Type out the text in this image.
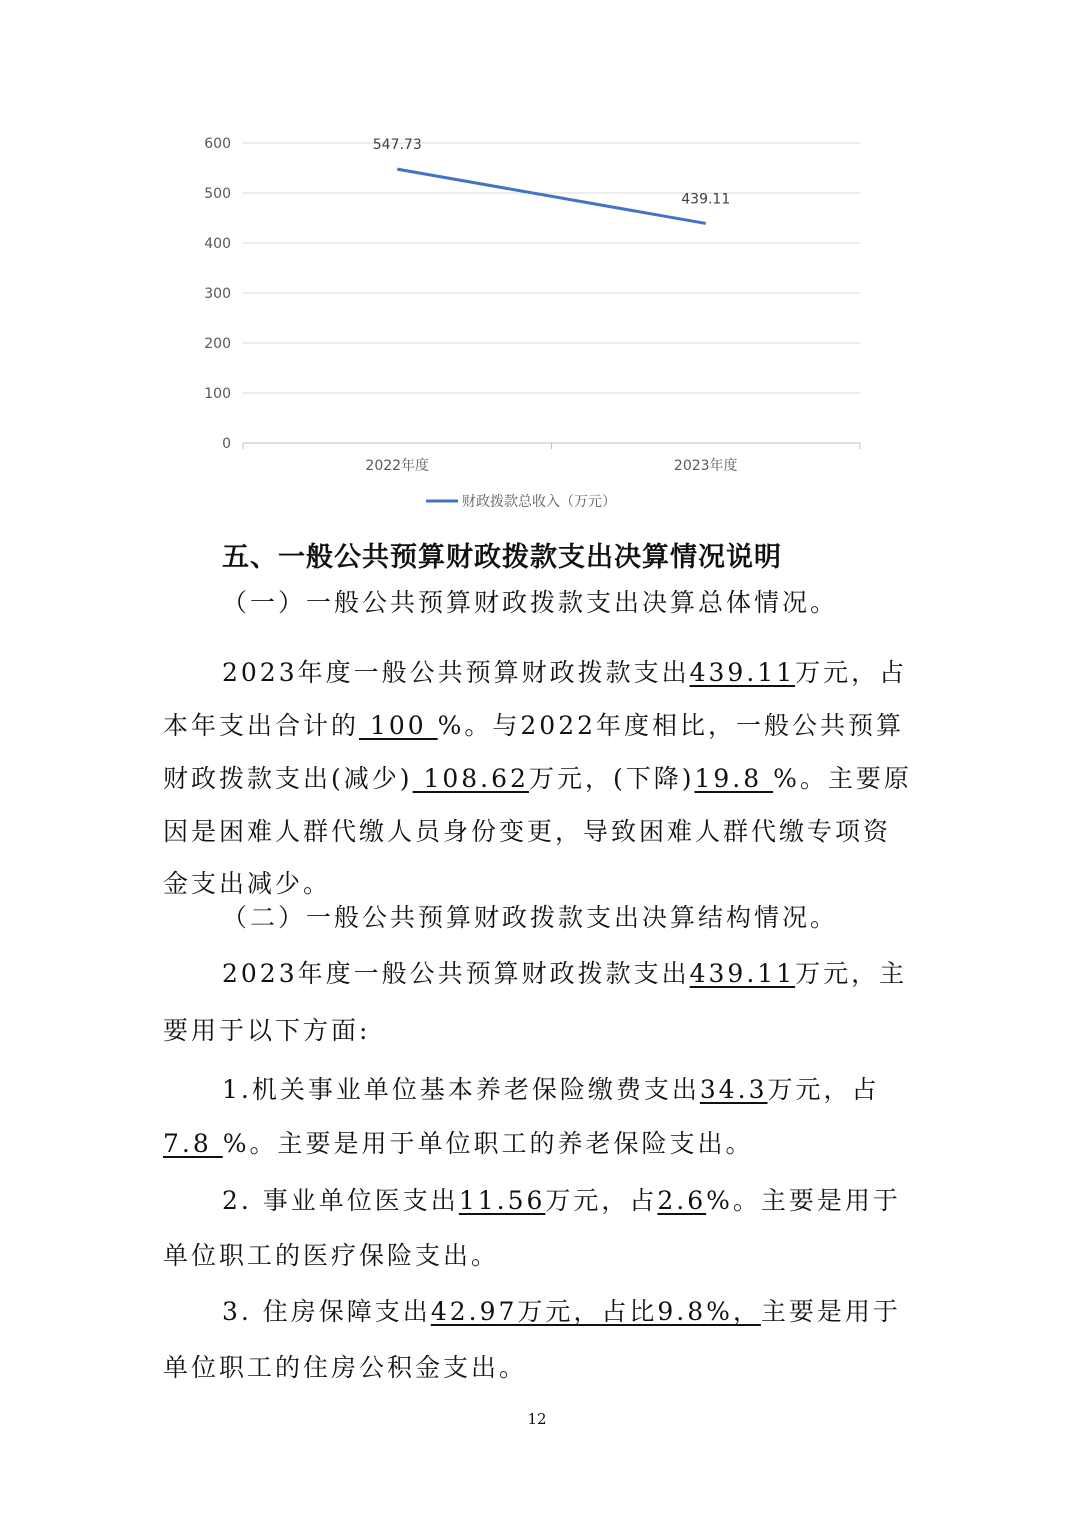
0
100
200
300
400
500
600
2022年度	2023年度
547.73
439.11
财政拨款总收入（万元）
五、一般公共预算财政拨款支出决算情况说明
（一）一般公共预算财政拨款支出决算总体情况。
2023年度一般公共预算财政拨款支出439.11万元，占
本年支出合计的 100 %。与2022年度相比，一般公共预算
财政拨款支出(减少) 108.62万元，(下降)19.8 %。主要原
因是困难人群代缴人员身份变更，导致困难人群代缴专项资
金支出减少。
（二）一般公共预算财政拨款支出决算结构情况。
2023年度一般公共预算财政拨款支出439.11万元，主
要用于以下方面:
1.机关事业单位基本养老保险缴费支出34.3万元，占
7.8 %。主要是用于单位职工的养老保险支出。
2. 事业单位医支出11.56万元，占2.6%。主要是用于
单位职工的医疗保险支出。
3. 住房保障支出42.97万元，占比9.8%，主要是用于
单位职工的住房公积金支出。
12
